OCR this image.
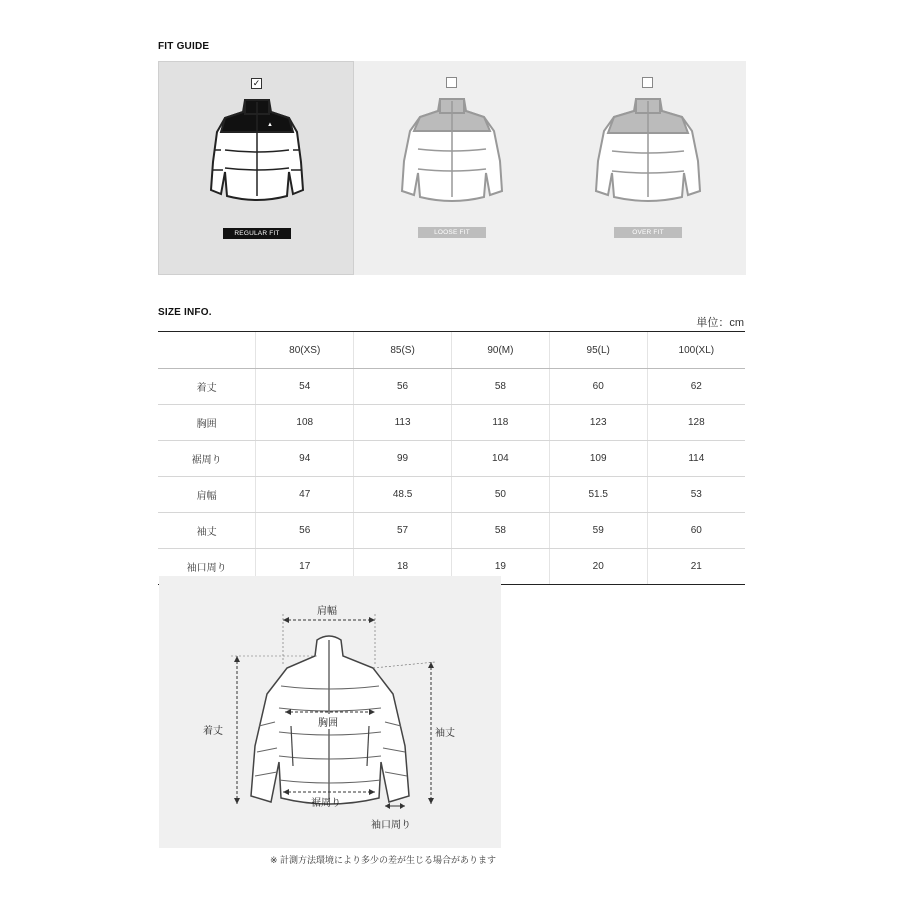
FIT GUIDE
✓
▲
REGULAR FIT	LOOSE FIT	OVER FIT
SIZE INFO.
単位：cm
	80(XS)	85(S)	90(M)	95(L)	100(XL)
着丈	54	56	58	60	62
胸囲	108	113	118	123	128
裾周り	94	99	104	109	114
肩幅	47	48.5	50	51.5	53
袖丈	56	57	58	59	60
袖口周り	17	18	19	20	21
肩幅
着丈
胸囲
袖丈
裾周り
袖口周り
※ 計測方法環境により多少の差が生じる場合があります
